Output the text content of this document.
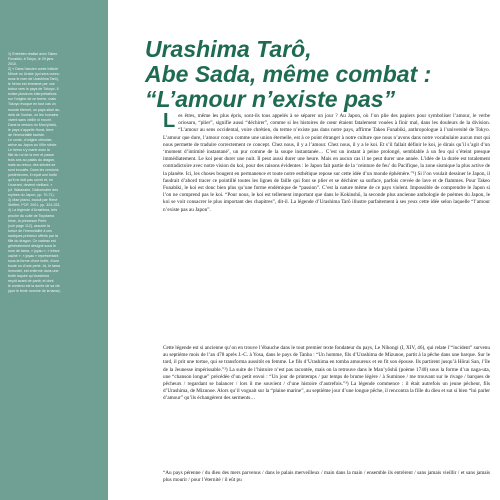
1) Entretien réalisé avec Takeo
Funabiki, à Tokyo, le 29 janv.
2010.
2) « Dans l’ancien conte intitulé
Minoé no Urabe (qui sera connu
sous le nom de Urashima Tarô),
le héros est emmené par une
tortue vers le pays de Tokoyo. Il
existe plusieurs interprétations
sur l’origine de ce terme, mais
Tokoyo évoque en tout cas un
monde éternel, un pays situé au-
delà de l’océan, où les humains
vivent sans vieillir ni mourir.
Dans la version du Man’yôshû,
le pays s’appelle Horai, terre
de l’immortalité taoïste.
Le conte, d’origine chinoise,
arrive au Japon au VIIIe siècle.
Le héros s’y marie avec la
fille du roi de la mer et passe
trois ans au palais du dragon,
mais au retour, des siècles se
sont écoulés. Dans les versions
postérieures, il reçoit une boîte
qu’il ne doit pas ouvrir et, en
l’ouvrant, devient vieillard. »
(cf. Watanabe, Dictionnaire des
mythes du Japon, pp. 70-71).
3) Man’yôshû, traduit par René
Sieffert, POF, 2001, pp. 324-331.
4) La légende d’Urashima, très
proche du culte de Toyotama
hime, la princesse Perle
(voir page 112), associe la
tortue de l’immortalité à ces
sadiques précieux offerts par la
fille du dragon. Ce cadeau est
généralement désigné sous le
nom de tama, « joyau », « trésor
caché », « joyau » représentant
sous la forme d’une boîte, d’une
boule ou d’une perle. Ici, le tama
immortel, est enfermé dans une
boîte laquée qu’Urashima
reçoit avant de partir, et dont
le contenu est la durée de sa vie
(que le texte nomme de la tama).
Urashima Tarô,
Abe Sada, même combat :
“L’amour n’existe pas”
Les êtres, même les plus épris, sont-ils tous appelés à se séparer un jour ? Au Japon, où l’on plie des papiers pour symboliser l’amour, le verbe oriosaru, “plier”, signifie aussi “déchirer”, comme si les histoires de cœur étaient fatalement vouées à finir mal, dans les douleurs de la division. “L’amour au sens occidental, voire chrétien, du terme n’existe pas dans notre pays, affirme Takeo Funabiki, anthropologue à l’université de Tokyo. L’amour que dure, l’amour conçu comme une union éternelle, est à ce point étranger à notre culture que nous n’avons dans notre vocabulaire aucun mot qui nous permette de traduire correctement ce concept. Chez nous, il y a l’amour. Chez nous, il y a le koi. Et s’il fallait définir le koi, je dirais qu’il s’agit d’un ‘moment d’intimité instantané’, un pur comme de la soupe instantanée… C’est un instant à peine prolongé, semblable à un feu qui s’éteint presque immédiatement. Le koi peut durer une nuit. Il peut aussi durer une heure. Mais en aucun cas il ne peut durer une année. L’idée de la durée est totalement contradictoire avec notre vision du koi, pour des raisons évidentes : le Japon fait partie de la ‘ceinture de feu’ du Pacifique, la zone sismique la plus active de la planète. Ici, les choses bougent en permanence et toute notre esthétique repose sur cette idée d’un monde éphémère.”¹) Si l’on voulait dessiner le Japon, il faudrait d’abord tracer ce pointillé toutes les lignes de faille qui font se plier et se déchirer sa surface, parfois crevée de lave et de flammes. Pour Takeo Funabiki, le koi est donc bien plus qu’une forme endémique de “passion”. C’est la nature même de ce pays violent. Impossible de comprendre le Japon si l’on ne comprend pas le koi. “Pour nous, le koi est tellement important que dans le Kokinshû, la seconde plus ancienne anthologie de poèmes du Japon, le koi se voit consacrer le plus important des chapitres”, dit-il. La légende d’Urashima Tarô illustre parfaitement à ses yeux cette idée selon laquelle “l’amour n’existe pas au Japon”.
Cette légende est si ancienne qu’on en trouve l’ébauche dans le tout premier texte fondateur du pays, Le Nihongi (I, XIV, 46), qui relate l’“incident” survenu au septième mois de l’an 478 après J.-C. à Yosa, dans le pays de Tanba : “Un homme, fils d’Urashima de Mizunoe, partit à la pêche dans une barque. Sur le tard, il prit une tortue, qui se transforma aussitôt en femme. Le fils d’Urashima en tomba amoureux et en fit son épouse. Ils partirent jusqu’à Hôrai San, l’île de la Jeunesse impérissable.”²) La suite de l’histoire n’est pas racontée, mais on la retrouve dans le Man’yôshû (poème 1740) sous la forme d’un naga-uta, une “chanson longue” précédée d’un petit envoi : “Un jour de printemps / par temps de brume légère / à Suminoe / me trouvant sur le rivage / barques de pêcheurs / regardant se balancer / lors il me souvient / d’une histoire d’autrefois.”³) La légende commence : il était autrefois un jeune pêcheur, fils d’Urashima, de Mizunoe. Alors qu’il voguait sur la “plaine marine”, au septième jour d’une longue pêche, il rencontra la fille du dieu et sut si bien “lui parler d’amour” qu’ils échangèrent des serments…
“Au pays pérenne / du dieu des mers parvenus / dans le palais merveilleux / main dans la main / ensemble ils entrèrent / sans jamais vieillir / et sans jamais plus mourir / pour l’éternité / il eût pu
